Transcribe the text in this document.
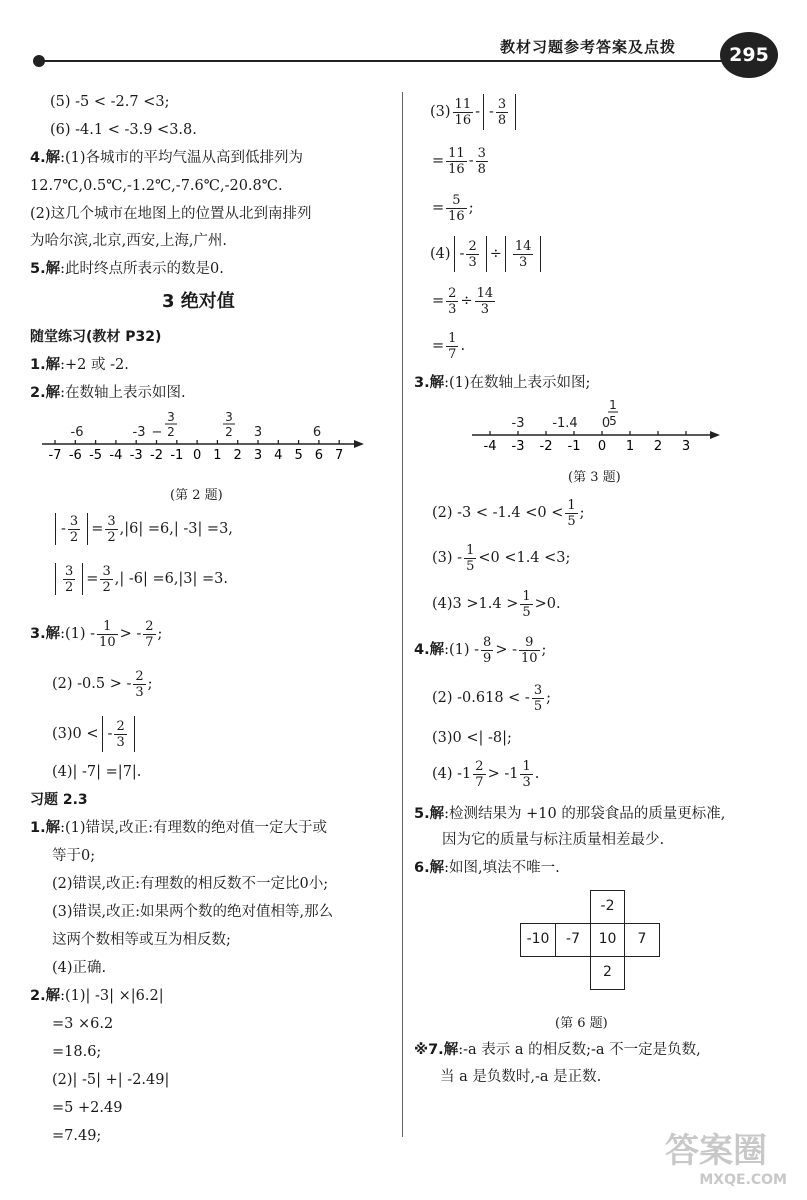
教材习题参考答案及点拨	295
(5) -5 < -2.7 <3;
(6) -4.1 < -3.9 <3.8.
4.解:(1)各城市的平均气温从高到低排列为
12.7℃,0.5℃,-1.2℃,-7.6℃,-20.8℃.
(2)这几个城市在地图上的位置从北到南排列
为哈尔滨,北京,西安,上海,广州.
5.解:此时终点所表示的数是0.
3 绝对值
随堂练习(教材 P32)
1.解:+2 或 -2.
2.解:在数轴上表示如图.
-7 -6 -5 -4 -3 -2 -1 0 1 2 3 4 5 6 7
-6	-3 −
3
2
3
2 3	6
(第 2 题)
- $\frac{3}{2} = \frac{3}{2} ,|6| =6,|$ -3| =3,
$\frac{3}{2} = \frac{3}{2}$ ,| -6| =6,|3| =3.
3.解:(1) - $\frac{1}{10}$ > - $\frac{2}{7}$ ;
(2) -0.5 > - $\frac{2}{3}$ ;
(3)0 < - $\frac{2}{3}$
(4)| -7| =|7|.
习题 2.3
1.解:(1)错误,改正:有理数的绝对值一定大于或
等于0;
(2)错误,改正:有理数的相反数不一定比0小;
(3)错误,改正:如果两个数的绝对值相等,那么
这两个数相等或互为相反数;
(4)正确.
2.解:(1)| -3| ×|6.2|
=3 ×6.2
=18.6;
(2)| -5| +| -2.49|
=5 +2.49
=7.49;
$(3) \frac{11}{16}$ - - $\frac{3}{8}$
= $\frac{11}{16} - \frac{3}{8}$
= $\frac{5}{16}$ ;
$(4) - \frac{2}{3} \div \frac{14}{3}$
= $\frac{2}{3} \div \frac{14}{3}$
= $\frac{1}{7}$ .
3.解:(1)在数轴上表示如图;
-4 -3 -2 -1 0 1 2 3
-3 -1.4
1
5
0
(第 3 题)
(2) $-3 < -1.4 <0 < \frac{1}{5}$ ;
$(3) - \frac{1}{5} <0 <1.4 <3$;
$(4)3 >1.4 > \frac{1}{5} >0$.
4.解:(1) - $\frac{8}{9}$ > - $\frac{9}{10}$ ;
(2) -0.618 < - $\frac{3}{5}$ ;
(3)0 <| -8|;
(4) $-1 \frac{2}{7} > -1 \frac{1}{3}$ .
5.解:检测结果为 +10 的那袋食品的质量更标准,
因为它的质量与标注质量相差最少.
6.解:如图,填法不唯一.
-2
-10	-7	10	7
2
(第 6 题)
※7.解:-a 表示 a 的相反数;-a 不一定是负数,
当 a 是负数时,-a 是正数.
答案圈
MXQE.COM
